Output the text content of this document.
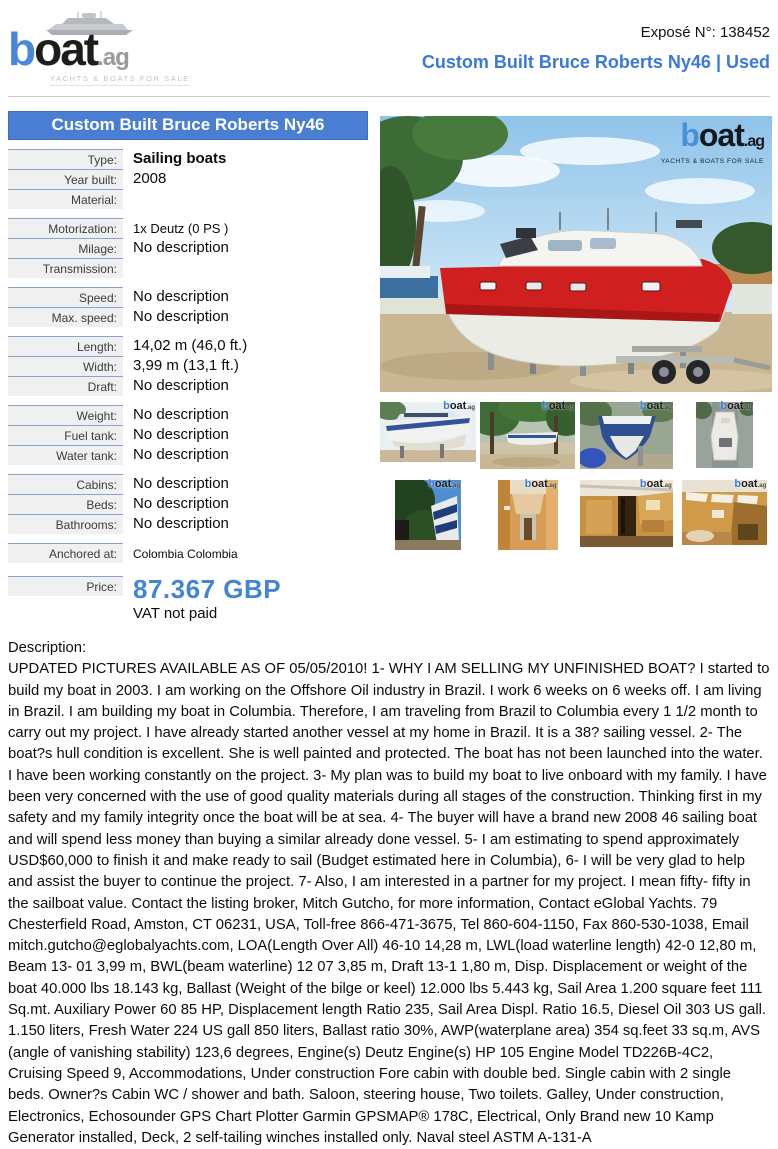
boat.ag
YACHTS & BOATS FOR SALE
Exposé N°: 138452
Custom Built Bruce Roberts Ny46 | Used
Custom Built Bruce Roberts Ny46
Type:	Sailing boats
Year built:	2008
Material:
Motorization:	1x Deutz (0 PS )
Milage:	No description
Transmission:
Speed:	No description
Max. speed:	No description
Length:	14,02 m (46,0 ft.)
Width:	3,99 m (13,1 ft.)
Draft:	No description
Weight:	No description
Fuel tank:	No description
Water tank:	No description
Cabins:	No description
Beds:	No description
Bathrooms:	No description
Anchored at:	Colombia Colombia
Price: 87.367 GBP
VAT not paid
boat.ag
YACHTS & BOATS FOR SALE
boat.ag	boat.ag	boat.ag	boat.ag
boat.ag	boat.ag	boat.ag	boat.ag
Description:
UPDATED PICTURES AVAILABLE AS OF 05/05/2010! 1- WHY I AM SELLING MY UNFINISHED BOAT? I started to build my boat in 2003. I am working on the Offshore Oil industry in Brazil. I work 6 weeks on 6 weeks off. I am living in Brazil. I am building my boat in Columbia. Therefore, I am traveling from Brazil to Columbia every 1 1/2 month to carry out my project. I have already started another vessel at my home in Brazil. It is a 38? sailing vessel. 2- The boat?s hull condition is excellent. She is well painted and protected. The boat has not been launched into the water. I have been working constantly on the project. 3- My plan was to build my boat to live onboard with my family. I have been very concerned with the use of good quality materials during all stages of the construction. Thinking first in my safety and my family integrity once the boat will be at sea. 4- The buyer will have a brand new 2008 46 sailing boat and will spend less money than buying a similar already done vessel. 5- I am estimating to spend approximately USD$60,000 to finish it and make ready to sail (Budget estimated here in Columbia), 6- I will be very glad to help and assist the buyer to continue the project. 7- Also, I am interested in a partner for my project. I mean fifty- fifty in the sailboat value. Contact the listing broker, Mitch Gutcho, for more information, Contact eGlobal Yachts. 79 Chesterfield Road, Amston, CT 06231, USA, Toll-free 866-471-3675, Tel 860-604-1150, Fax 860-530-1038, Email mitch.gutcho@eglobalyachts.com, LOA(Length Over All) 46-10 14,28 m, LWL(load waterline length) 42-0 12,80 m, Beam 13- 01 3,99 m, BWL(beam waterline) 12 07 3,85 m, Draft 13-1 1,80 m, Disp. Displacement or weight of the boat 40.000 lbs 18.143 kg, Ballast (Weight of the bilge or keel) 12.000 lbs 5.443 kg, Sail Area 1.200 square feet 111 Sq.mt. Auxiliary Power 60 85 HP, Displacement length Ratio 235, Sail Area Displ. Ratio 16.5, Diesel Oil 303 US gall. 1.150 liters, Fresh Water 224 US gall 850 liters, Ballast ratio 30%, AWP(waterplane area) 354 sq.feet 33 sq.m, AVS (angle of vanishing stability) 123,6 degrees, Engine(s) Deutz Engine(s) HP 105 Engine Model TD226B-4C2, Cruising Speed 9, Accommodations, Under construction Fore cabin with double bed. Single cabin with 2 single beds. Owner?s Cabin WC / shower and bath. Saloon, steering house, Two toilets. Galley, Under construction, Electronics, Echosounder GPS Chart Plotter Garmin GPSMAP® 178C, Electrical, Only Brand new 10 Kamp Generator installed, Deck, 2 self-tailing winches installed only. Naval steel ASTM A-131-A
